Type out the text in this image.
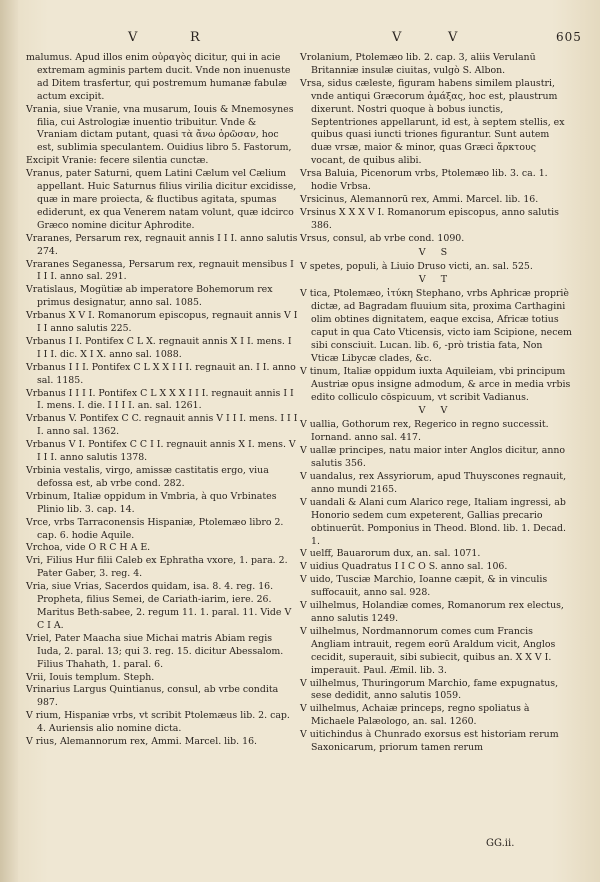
V	R	V	V	605

malumus. Apud illos enim οὐραγὸς dicitur, qui in acie extremam agminis partem ducit. Vnde non inuenuste ad Ditem trasfertur, qui postremum humanæ fabulæ actum excipit.

Vrania, siue Vranie, vna musarum, Iouis & Mnemosynes filia, cui Astrologiæ inuentio tribuitur. Vnde & Vraniam dictam putant, quasi τὰ ἄνω ὁρῶσαν, hoc est, sublimia speculantem. Ouidius libro 5. Fastorum,

Excipit Vranie: fecere silentia cunctæ.

Vranus, pater Saturni, quem Latini Cælum vel Cælium appellant. Huic Saturnus filius virilia dicitur excidisse, quæ in mare proiecta, & fluctibus agitata, spumas ediderunt, ex qua Venerem natam volunt, quæ idcirco Græco nomine dicitur Aphrodite.

Vraranes, Persarum rex, regnauit annis I I I. anno salutis 274.

Vraranes Seganessa, Persarum rex, regnauit mensibus I I I I. anno sal. 291.

Vratislaus, Mogütiæ ab imperatore Bohemorum rex primus designatur, anno sal. 1085.

Vrbanus X V I. Romanorum episcopus, regnauit annis V I I I anno salutis 225.

Vrbanus I I. Pontifex C L X. regnauit annis X I I. mens. I I I I. dic. X I X. anno sal. 1088.

Vrbanus I I I. Pontifex C L X X I I I. regnauit an. I I. anno sal. 1185.

Vrbanus I I I I. Pontifex C L X X X I I I. regnauit annis I I I. mens. I. die. I I I I. an. sal. 1261.

Vrbanus V. Pontifex C C. regnauit annis V I I I. mens. I I I I. anno sal. 1362.

Vrbanus V I. Pontifex C C I I. regnauit annis X I. mens. V I I I. anno salutis 1378.

Vrbinia vestalis, virgo, amissæ castitatis ergo, viua defossa est, ab vrbe cond. 282.

Vrbinum, Italiæ oppidum in Vmbria, à quo Vrbinates Plinio lib. 3. cap. 14.

Vrce, vrbs Tarraconensis Hispaniæ, Ptolemæo libro 2. cap. 6. hodie Aquile.

Vrchoa, vide O R C H A E.

Vri, Filius Hur filii Caleb ex Ephratha vxore, 1. para. 2. Pater Gaber, 3. reg. 4.

Vria, siue Vrias, Sacerdos quidam, isa. 8. 4. reg. 16. Propheta, filius Semei, de Cariath-iarim, iere. 26. Maritus Beth-sabee, 2. regum 11. 1. paral. 11. Vide V C I A.

Vriel, Pater Maacha siue Michai matris Abiam regis Iuda, 2. paral. 13; qui 3. reg. 15. dicitur Abessalom. Filius Thahath, 1. paral. 6.

Vrii, Iouis templum. Steph.

Vrinarius Largus Quintianus, consul, ab vrbe condita 987.

V rium, Hispaniæ vrbs, vt scribit Ptolemæus lib. 2. cap. 4. Auriensis alio nomine dicta.

V rius, Alemannorum rex, Ammi. Marcel. lib. 16.

Vrolanium, Ptolemæo lib. 2. cap. 3, aliis Verulanū Britanniæ insulæ ciuitas, vulgò S. Albon.

Vrsa, sidus cæleste, figuram habens similem plaustri, vnde antiqui Græcorum ἁμάξας, hoc est, plaustrum dixerunt. Nostri quoque à bobus iunctis, Septentriones appellarunt, id est, à septem stellis, ex quibus quasi iuncti triones figurantur. Sunt autem duæ vrsæ, maior & minor, quas Græci ἄρκτους vocant, de quibus alibi.

Vrsa Baluia, Picenorum vrbs, Ptolemæo lib. 3. ca. 1. hodie Vrbsa.

Vrsicinus, Alemannorū rex, Ammi. Marcel. lib. 16.

Vrsinus X X X V I. Romanorum episcopus, anno salutis 386.

Vrsus, consul, ab vrbe cond. 1090.

V S

V spetes, populi, à Liuio Druso victi, an. sal. 525.

V T

V tica, Ptolemæo, ἰτύκη Stephano, vrbs Aphricæ propriè dictæ, ad Bagradam fluuium sita, proxima Carthagini olim obtines dignitatem, eaque excisa, Africæ totius caput in qua Cato Vticensis, victo iam Scipione, necem sibi consciuit. Lucan. lib. 6, -prò tristia fata, Non Vticæ Libycæ clades, &c.

V tinum, Italiæ oppidum iuxta Aquileiam, vbi principum Austriæ opus insigne admodum, & arce in media vrbis edito colliculo cōspicuum, vt scribit Vadianus.

V V

V uallia, Gothorum rex, Regerico in regno successit. Iornand. anno sal. 417.

V uallæ principes, natu maior inter Anglos dicitur, anno salutis 356.

V uandalus, rex Assyriorum, apud Thuyscones regnauit, anno mundi 2165.

V uandali & Alani cum Alarico rege, Italiam ingressi, ab Honorio sedem cum expeterent, Gallias precario obtinuerūt. Pomponius in Theod. Blond. lib. 1. Decad. 1.

V uelff, Bauarorum dux, an. sal. 1071.

V uidius Quadratus I I C O S. anno sal. 106.

V uido, Tusciæ Marchio, Ioanne cæpit, & in vinculis suffocauit, anno sal. 928.

V uilhelmus, Holandiæ comes, Romanorum rex electus, anno salutis 1249.

V uilhelmus, Nordmannorum comes cum Francis Angliam intrauit, regem eorū Araldum vicit, Anglos cecidit, superauit, sibi subiecit, quibus an. X X V I. imperauit. Paul. Æmil. lib. 3.

V uilhelmus, Thuringorum Marchio, fame expugnatus, sese dedidit, anno salutis 1059.

V uilhelmus, Achaiæ princeps, regno spoliatus à Michaele Palæologo, an. sal. 1260.

V uitichindus à Chunrado exorsus est historiam rerum Saxonicarum, priorum tamen rerum

GG.ii.
